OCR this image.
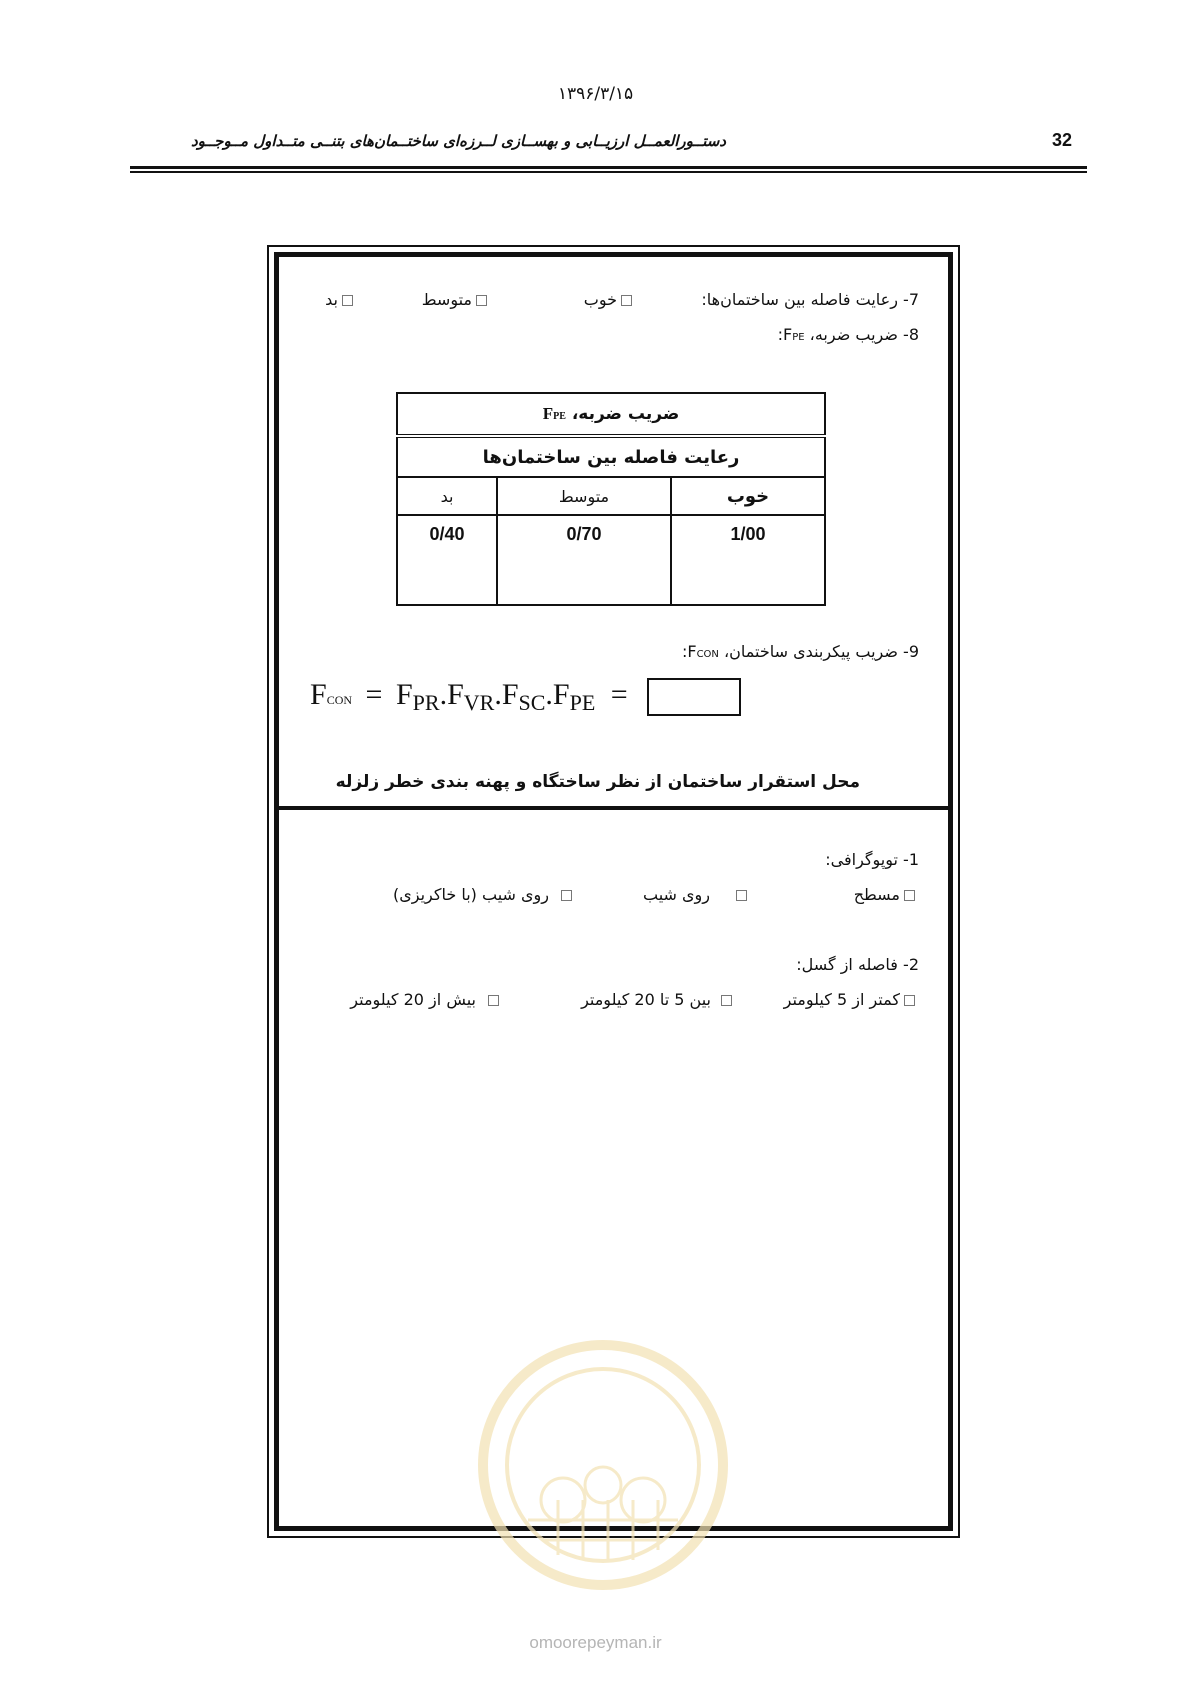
۱۳۹۶/۳/۱۵
دستــورالعمــل ارزیــابی و بهســازی لــرزه‌ای ساختــمان‌های بتنــی متــداول مــوجــود	32
7- رعایت فاصله بین ساختمان‌ها:
خوب
متوسط
بد
8- ضریب ضربه، FPE:
ضریب ضربه، FPE		
رعایت فاصله بین ساختمان‌ها		
خوب	متوسط	بد
1/00	0/70	0/40
9- ضریب پیکربندی ساختمان، FCON:
FCON = $F_{PR}.F_{VR}.F_{SC}.F_{PE}$ =
محل استقرار ساختمان از نظر ساختگاه و پهنه بندی خطر زلزله
1- توپوگرافی:
مسطح
روی شیب
روی شیب (با خاکریزی)
2- فاصله از گسل:
کمتر از 5 کیلومتر
بین 5 تا 20 کیلومتر
بیش از 20 کیلومتر
omoorepeyman.ir
